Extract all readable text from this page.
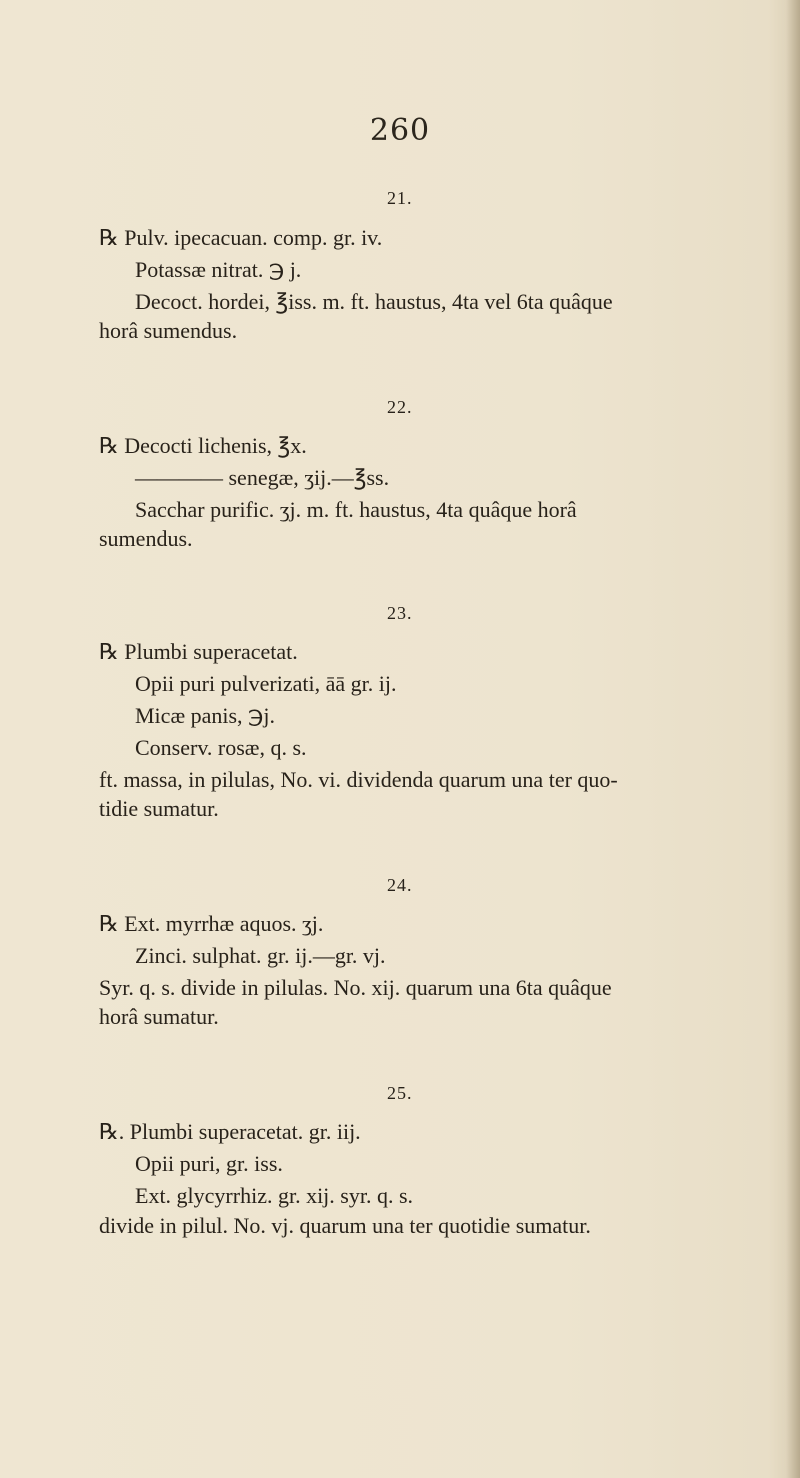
260
21.
℞ Pulv. ipecacuan. comp. gr. iv.
Potassæ nitrat. ℈ j.
Decoct. hordei, ℥iss. m. ft. haustus, 4ta vel 6ta quâque
horâ sumendus.
22.
℞ Decocti lichenis, ℥x.
———— senegæ, ʒij.—℥ss.
Sacchar purific. ʒj. m. ft. haustus, 4ta quâque horâ
sumendus.
23.
℞ Plumbi superacetat.
Opii puri pulverizati, āā gr. ij.
Micæ panis, ℈j.
Conserv. rosæ, q. s.
ft. massa, in pilulas, No. vi. dividenda quarum una ter quo-
tidie sumatur.
24.
℞ Ext. myrrhæ aquos. ʒj.
Zinci. sulphat. gr. ij.—gr. vj.
Syr. q. s. divide in pilulas. No. xij. quarum una 6ta quâque
horâ sumatur.
25.
℞. Plumbi superacetat. gr. iij.
Opii puri, gr. iss.
Ext. glycyrrhiz. gr. xij. syr. q. s.
divide in pilul. No. vj. quarum una ter quotidie sumatur.
